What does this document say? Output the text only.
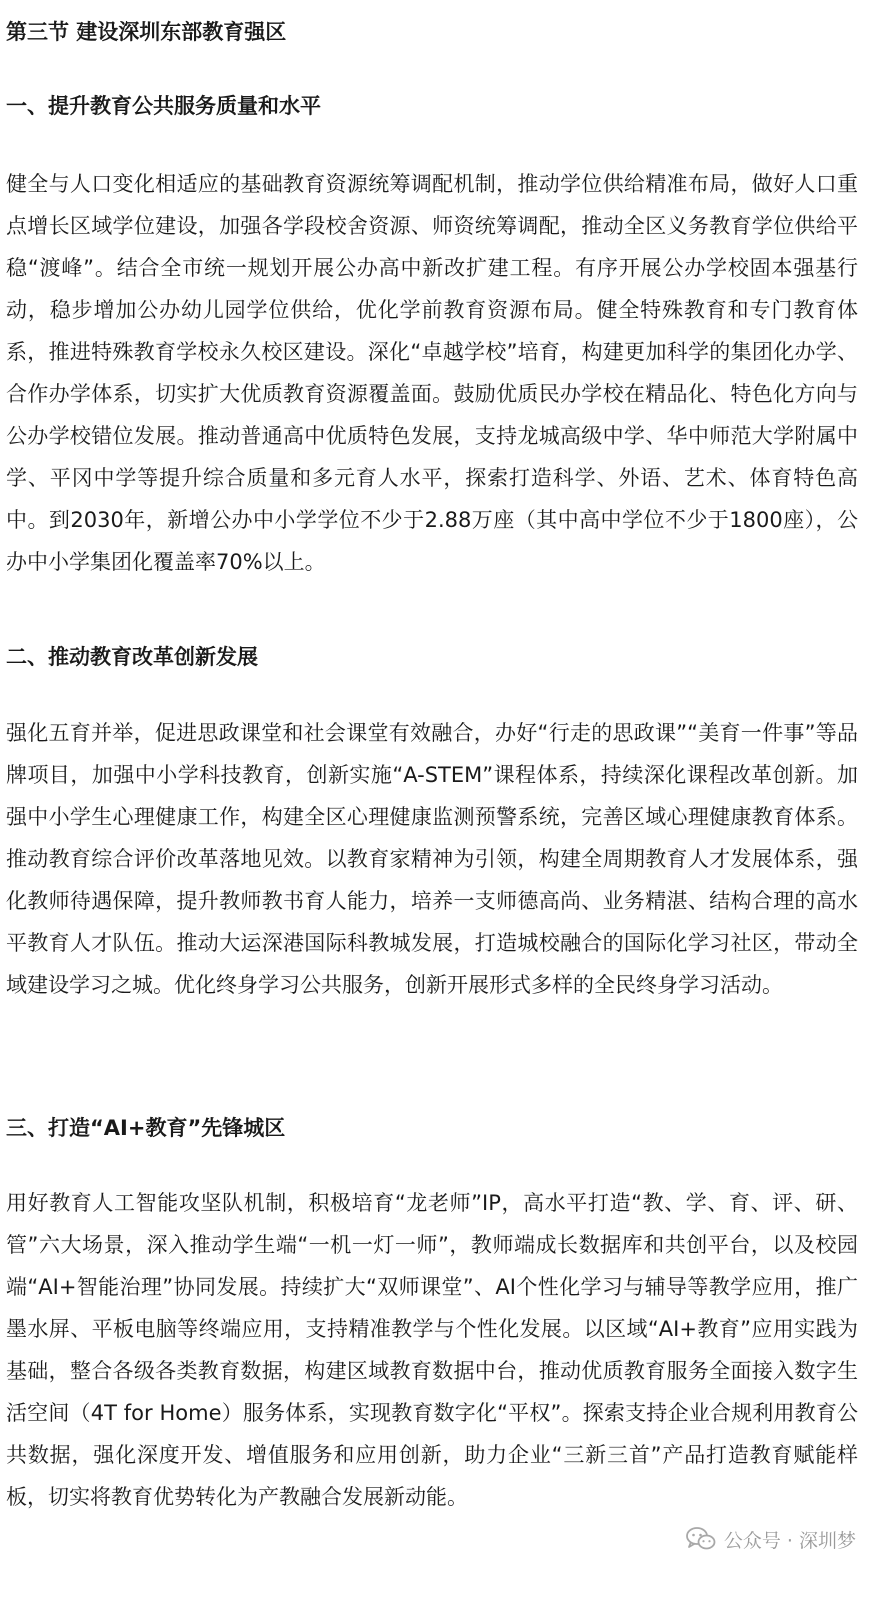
第三节 建设深圳东部教育强区
一、提升教育公共服务质量和水平

健全与人口变化相适应的基础教育资源统筹调配机制，推动学位供给精准布局，做好人口重点增长区域学位建设，加强各学段校舍资源、师资统筹调配，推动全区义务教育学位供给平稳“渡峰”。结合全市统一规划开展公办高中新改扩建工程。有序开展公办学校固本强基行动，稳步增加公办幼儿园学位供给，优化学前教育资源布局。健全特殊教育和专门教育体系，推进特殊教育学校永久校区建设。深化“卓越学校”培育，构建更加科学的集团化办学、合作办学体系，切实扩大优质教育资源覆盖面。鼓励优质民办学校在精品化、特色化方向与公办学校错位发展。推动普通高中优质特色发展，支持龙城高级中学、华中师范大学附属中学、平冈中学等提升综合质量和多元育人水平，探索打造科学、外语、艺术、体育特色高中。到2030年，新增公办中小学学位不少于2.88万座（其中高中学位不少于1800座），公办中小学集团化覆盖率70%以上。

二、推动教育改革创新发展

强化五育并举，促进思政课堂和社会课堂有效融合，办好“行走的思政课”“美育一件事”等品牌项目，加强中小学科技教育，创新实施“A-STEM”课程体系，持续深化课程改革创新。加强中小学生心理健康工作，构建全区心理健康监测预警系统，完善区域心理健康教育体系。推动教育综合评价改革落地见效。以教育家精神为引领，构建全周期教育人才发展体系，强化教师待遇保障，提升教师教书育人能力，培养一支师德高尚、业务精湛、结构合理的高水平教育人才队伍。推动大运深港国际科教城发展，打造城校融合的国际化学习社区，带动全域建设学习之城。优化终身学习公共服务，创新开展形式多样的全民终身学习活动。

三、打造“AI+教育”先锋城区

用好教育人工智能攻坚队机制，积极培育“龙老师”IP，高水平打造“教、学、育、评、研、管”六大场景，深入推动学生端“一机一灯一师”，教师端成长数据库和共创平台，以及校园端“AI+智能治理”协同发展。持续扩大“双师课堂”、AI个性化学习与辅导等教学应用，推广墨水屏、平板电脑等终端应用，支持精准教学与个性化发展。以区域“AI+教育”应用实践为基础，整合各级各类教育数据，构建区域教育数据中台，推动优质教育服务全面接入数字生活空间（4T for Home）服务体系，实现教育数字化“平权”。探索支持企业合规利用教育公共数据，强化深度开发、增值服务和应用创新，助力企业“三新三首”产品打造教育赋能样板，切实将教育优势转化为产教融合发展新动能。

公众号 · 深圳梦
